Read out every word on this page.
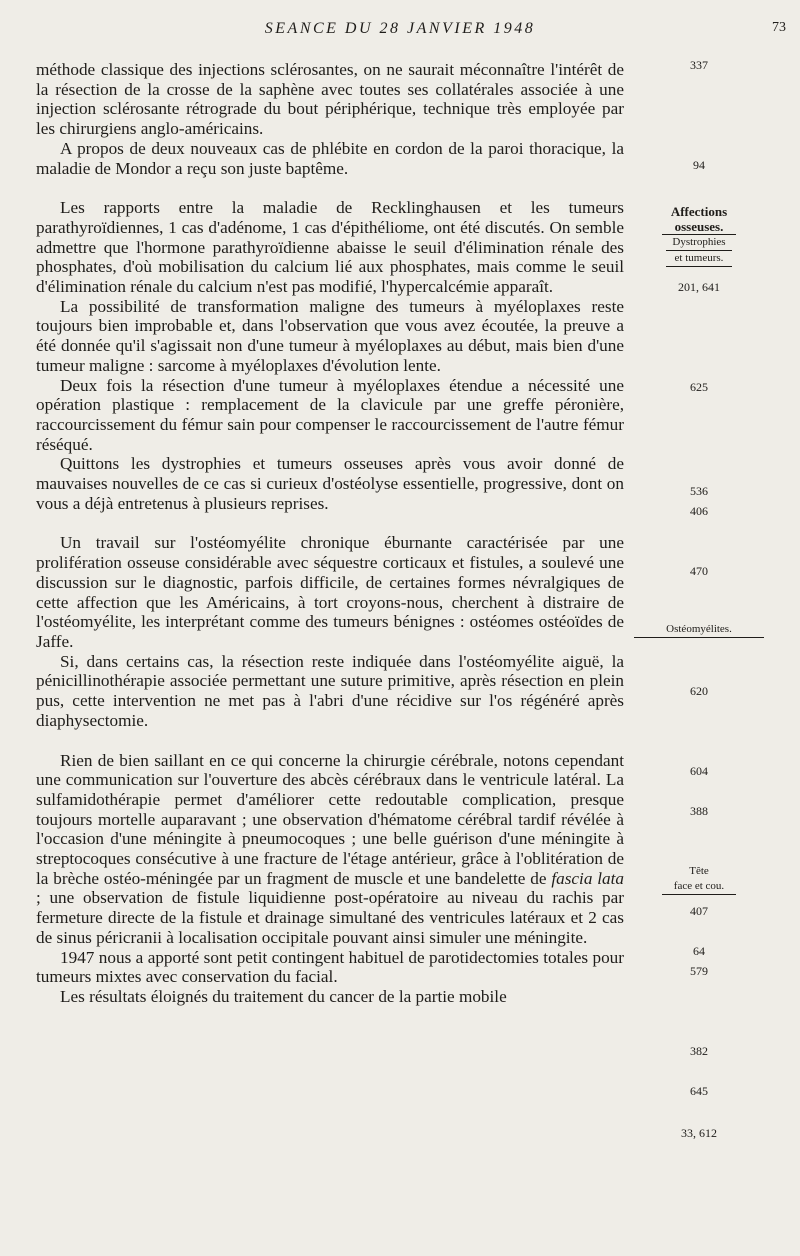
SEANCE DU 28 JANVIER 1948	73

méthode classique des injections sclérosantes, on ne saurait méconnaître l'intérêt de la résection de la crosse de la saphène avec toutes ses collatérales associée à une injection sclérosante rétrograde du bout périphérique, technique très employée par les chirurgiens anglo-américains.

A propos de deux nouveaux cas de phlébite en cordon de la paroi thoracique, la maladie de Mondor a reçu son juste baptême.

Les rapports entre la maladie de Recklinghausen et les tumeurs parathyroïdiennes, 1 cas d'adénome, 1 cas d'épithéliome, ont été discutés. On semble admettre que l'hormone parathyroïdienne abaisse le seuil d'élimination rénale des phosphates, d'où mobilisation du calcium lié aux phosphates, mais comme le seuil d'élimination rénale du calcium n'est pas modifié, l'hypercalcémie apparaît.

La possibilité de transformation maligne des tumeurs à myéloplaxes reste toujours bien improbable et, dans l'observation que vous avez écoutée, la preuve a été donnée qu'il s'agissait non d'une tumeur à myéloplaxes au début, mais bien d'une tumeur maligne : sarcome à myéloplaxes d'évolution lente.

Deux fois la résection d'une tumeur à myéloplaxes étendue a nécessité une opération plastique : remplacement de la clavicule par une greffe péronière, raccourcissement du fémur sain pour compenser le raccourcissement de l'autre fémur réséqué.

Quittons les dystrophies et tumeurs osseuses après vous avoir donné de mauvaises nouvelles de ce cas si curieux d'ostéolyse essentielle, progressive, dont on vous a déjà entretenus à plusieurs reprises.

Un travail sur l'ostéomyélite chronique éburnante caractérisée par une prolifération osseuse considérable avec séquestre corticaux et fistules, a soulevé une discussion sur le diagnostic, parfois difficile, de certaines formes névralgiques de cette affection que les Américains, à tort croyons-nous, cherchent à distraire de l'ostéomyélite, les interprétant comme des tumeurs bénignes : ostéomes ostéoïdes de Jaffe.

Si, dans certains cas, la résection reste indiquée dans l'ostéomyélite aiguë, la pénicillinothérapie associée permettant une suture primitive, après résection en plein pus, cette intervention ne met pas à l'abri d'une récidive sur l'os régénéré après diaphysectomie.

Rien de bien saillant en ce qui concerne la chirurgie cérébrale, notons cependant une communication sur l'ouverture des abcès cérébraux dans le ventricule latéral. La sulfamidothérapie permet d'améliorer cette redoutable complication, presque toujours mortelle auparavant ; une observation d'hématome cérébral tardif révélée à l'occasion d'une méningite à pneumocoques ; une belle guérison d'une méningite à streptocoques consécutive à une fracture de l'étage antérieur, grâce à l'oblitération de la brèche ostéo-méningée par un fragment de muscle et une bandelette de fascia lata ; une observation de fistule liquidienne post-opératoire au niveau du rachis par fermeture directe de la fistule et drainage simultané des ventricules latéraux et 2 cas de sinus péricranii à localisation occipitale pouvant ainsi simuler une méningite.

1947 nous a apporté sont petit contingent habituel de parotidectomies totales pour tumeurs mixtes avec conservation du facial.

Les résultats éloignés du traitement du cancer de la partie mobile

337
94
Affections
osseuses.
Dystrophies
et tumeurs.
201, 641
625
536
406
470
Ostéomyélites.
620
604
388
Tête
face et cou.
407
64
579
382
645
33, 612
